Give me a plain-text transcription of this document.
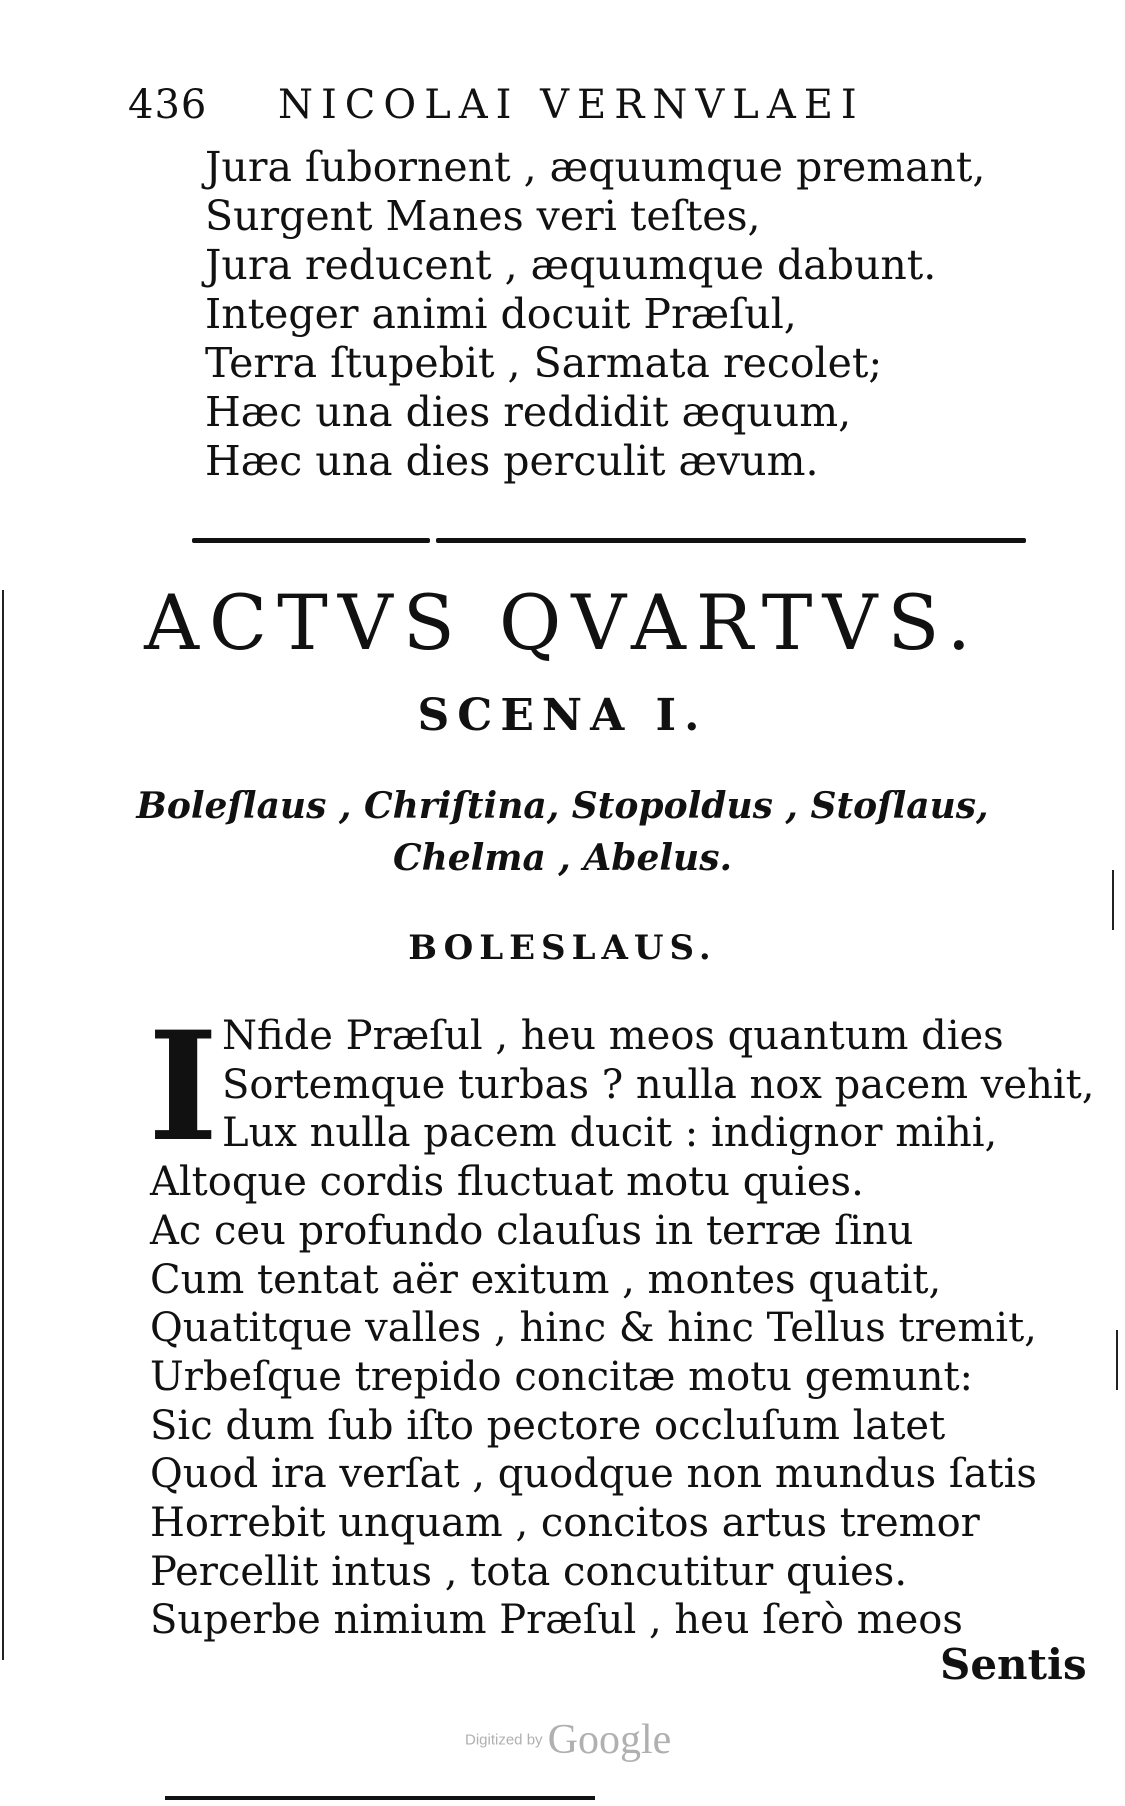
436 NICOLAI VERNVLAEI
Jura ſubornent , æquumque premant,
Surgent Manes veri teſtes,
Jura reducent , æquumque dabunt.
Integer animi docuit Præſul,
Terra ſtupebit , Sarmata recolet;
Hæc una dies reddidit æquum,
Hæc una dies perculit ævum.
ACTVS QVARTVS.
SCENA I.
Boleſlaus , Chriſtina, Stopoldus , Stoſlaus,
Chelma , Abelus.
BOLESLAUS.
I Nfide Præſul , heu meos quantum dies
Sortemque turbas ? nulla nox pacem vehit,
Lux nulla pacem ducit : indignor mihi,
Altoque cordis fluctuat motu quies.
Ac ceu profundo clauſus in terræ ſinu
Cum tentat aër exitum , montes quatit,
Quatitque valles , hinc & hinc Tellus tremit,
Urbeſque trepido concitæ motu gemunt:
Sic dum ſub iſto pectore occluſum latet
Quod ira verſat , quodque non mundus ſatis
Horrebit unquam , concitos artus tremor
Percellit intus , tota concutitur quies.
Superbe nimium Præſul , heu ſerò meos
Sentis
Digitized by Google
